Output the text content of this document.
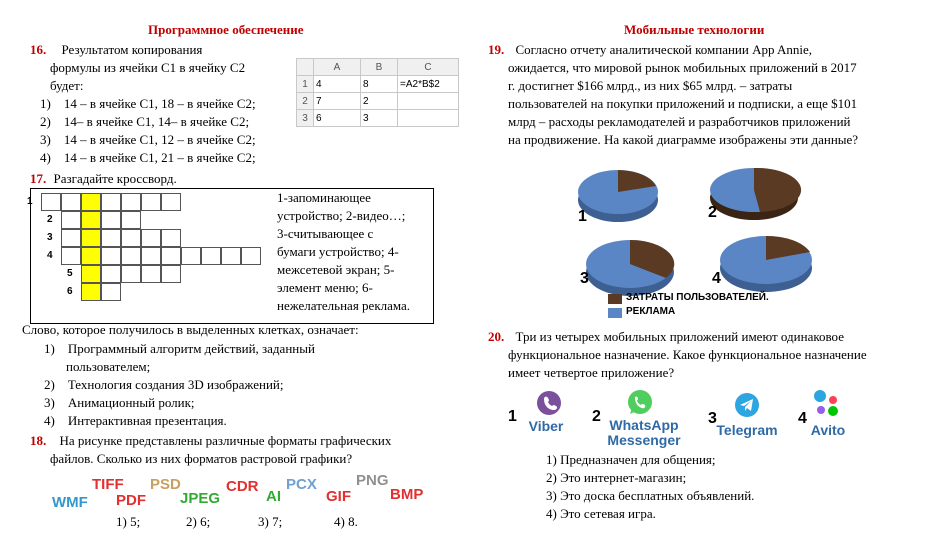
Программное обеспечение
16. Результатом копирования
формулы из ячейки С1 в ячейку С2
будет:
1) 14 – в ячейке С1, 18 – в ячейке С2;
2) 14– в ячейке С1, 14– в ячейке С2;
3) 14 – в ячейке С1, 12 – в ячейке С2;
4) 14 – в ячейке С1, 21 – в ячейке С2;
	A	B	C
1	4	8	=A2*B$2
2	7	2	
3	6	3	
17. Разгадайте кроссворд.
1
2
3
4
5
6
1-запоминающее
устройство; 2-видео…;
3-считывающее с
бумаги устройство; 4-
межсетевой экран; 5-
элемент меню; 6-
нежелательная реклама.
Слово, которое получилось в выделенных клетках, означает:
1) Программный алгоритм действий, заданный
пользователем;
2) Технология создания 3D изображений;
3) Анимационный ролик;
4) Интерактивная презентация.
18. На рисунке представлены различные форматы графических
файлов. Сколько из них форматов растровой графики?
TIFF PSD	CDR PCX	PNG
WMF PDF JPEG	AI	GIF	BMP
1) 5;	2) 6;	3) 7;	4) 8.
Мобильные технологии
19. Согласно отчету аналитической компании App Annie,
ожидается, что мировой рынок мобильных приложений в 2017
г. достигнет $166 млрд., из них $65 млрд. – затраты
пользователей на покупки приложений и подписки, а еще $101
млрд – расходы рекламодателей и разработчиков приложений
на продвижение. На какой диаграмме изображены эти данные?
1	2
3	4
ЗАТРАТЫ ПОЛЬЗОВАТЕЛЕЙ.
РЕКЛАМА
20. Три из четырех мобильных приложений имеют одинаковое
функциональное назначение. Какое функциональное назначение
имеет четвертое приложение?
1
Viber
2 WhatsApp
Messenger
3
Telegram
4
Avito
1) Предназначен для общения;
2) Это интернет-магазин;
3) Это доска бесплатных объявлений.
4) Это сетевая игра.
